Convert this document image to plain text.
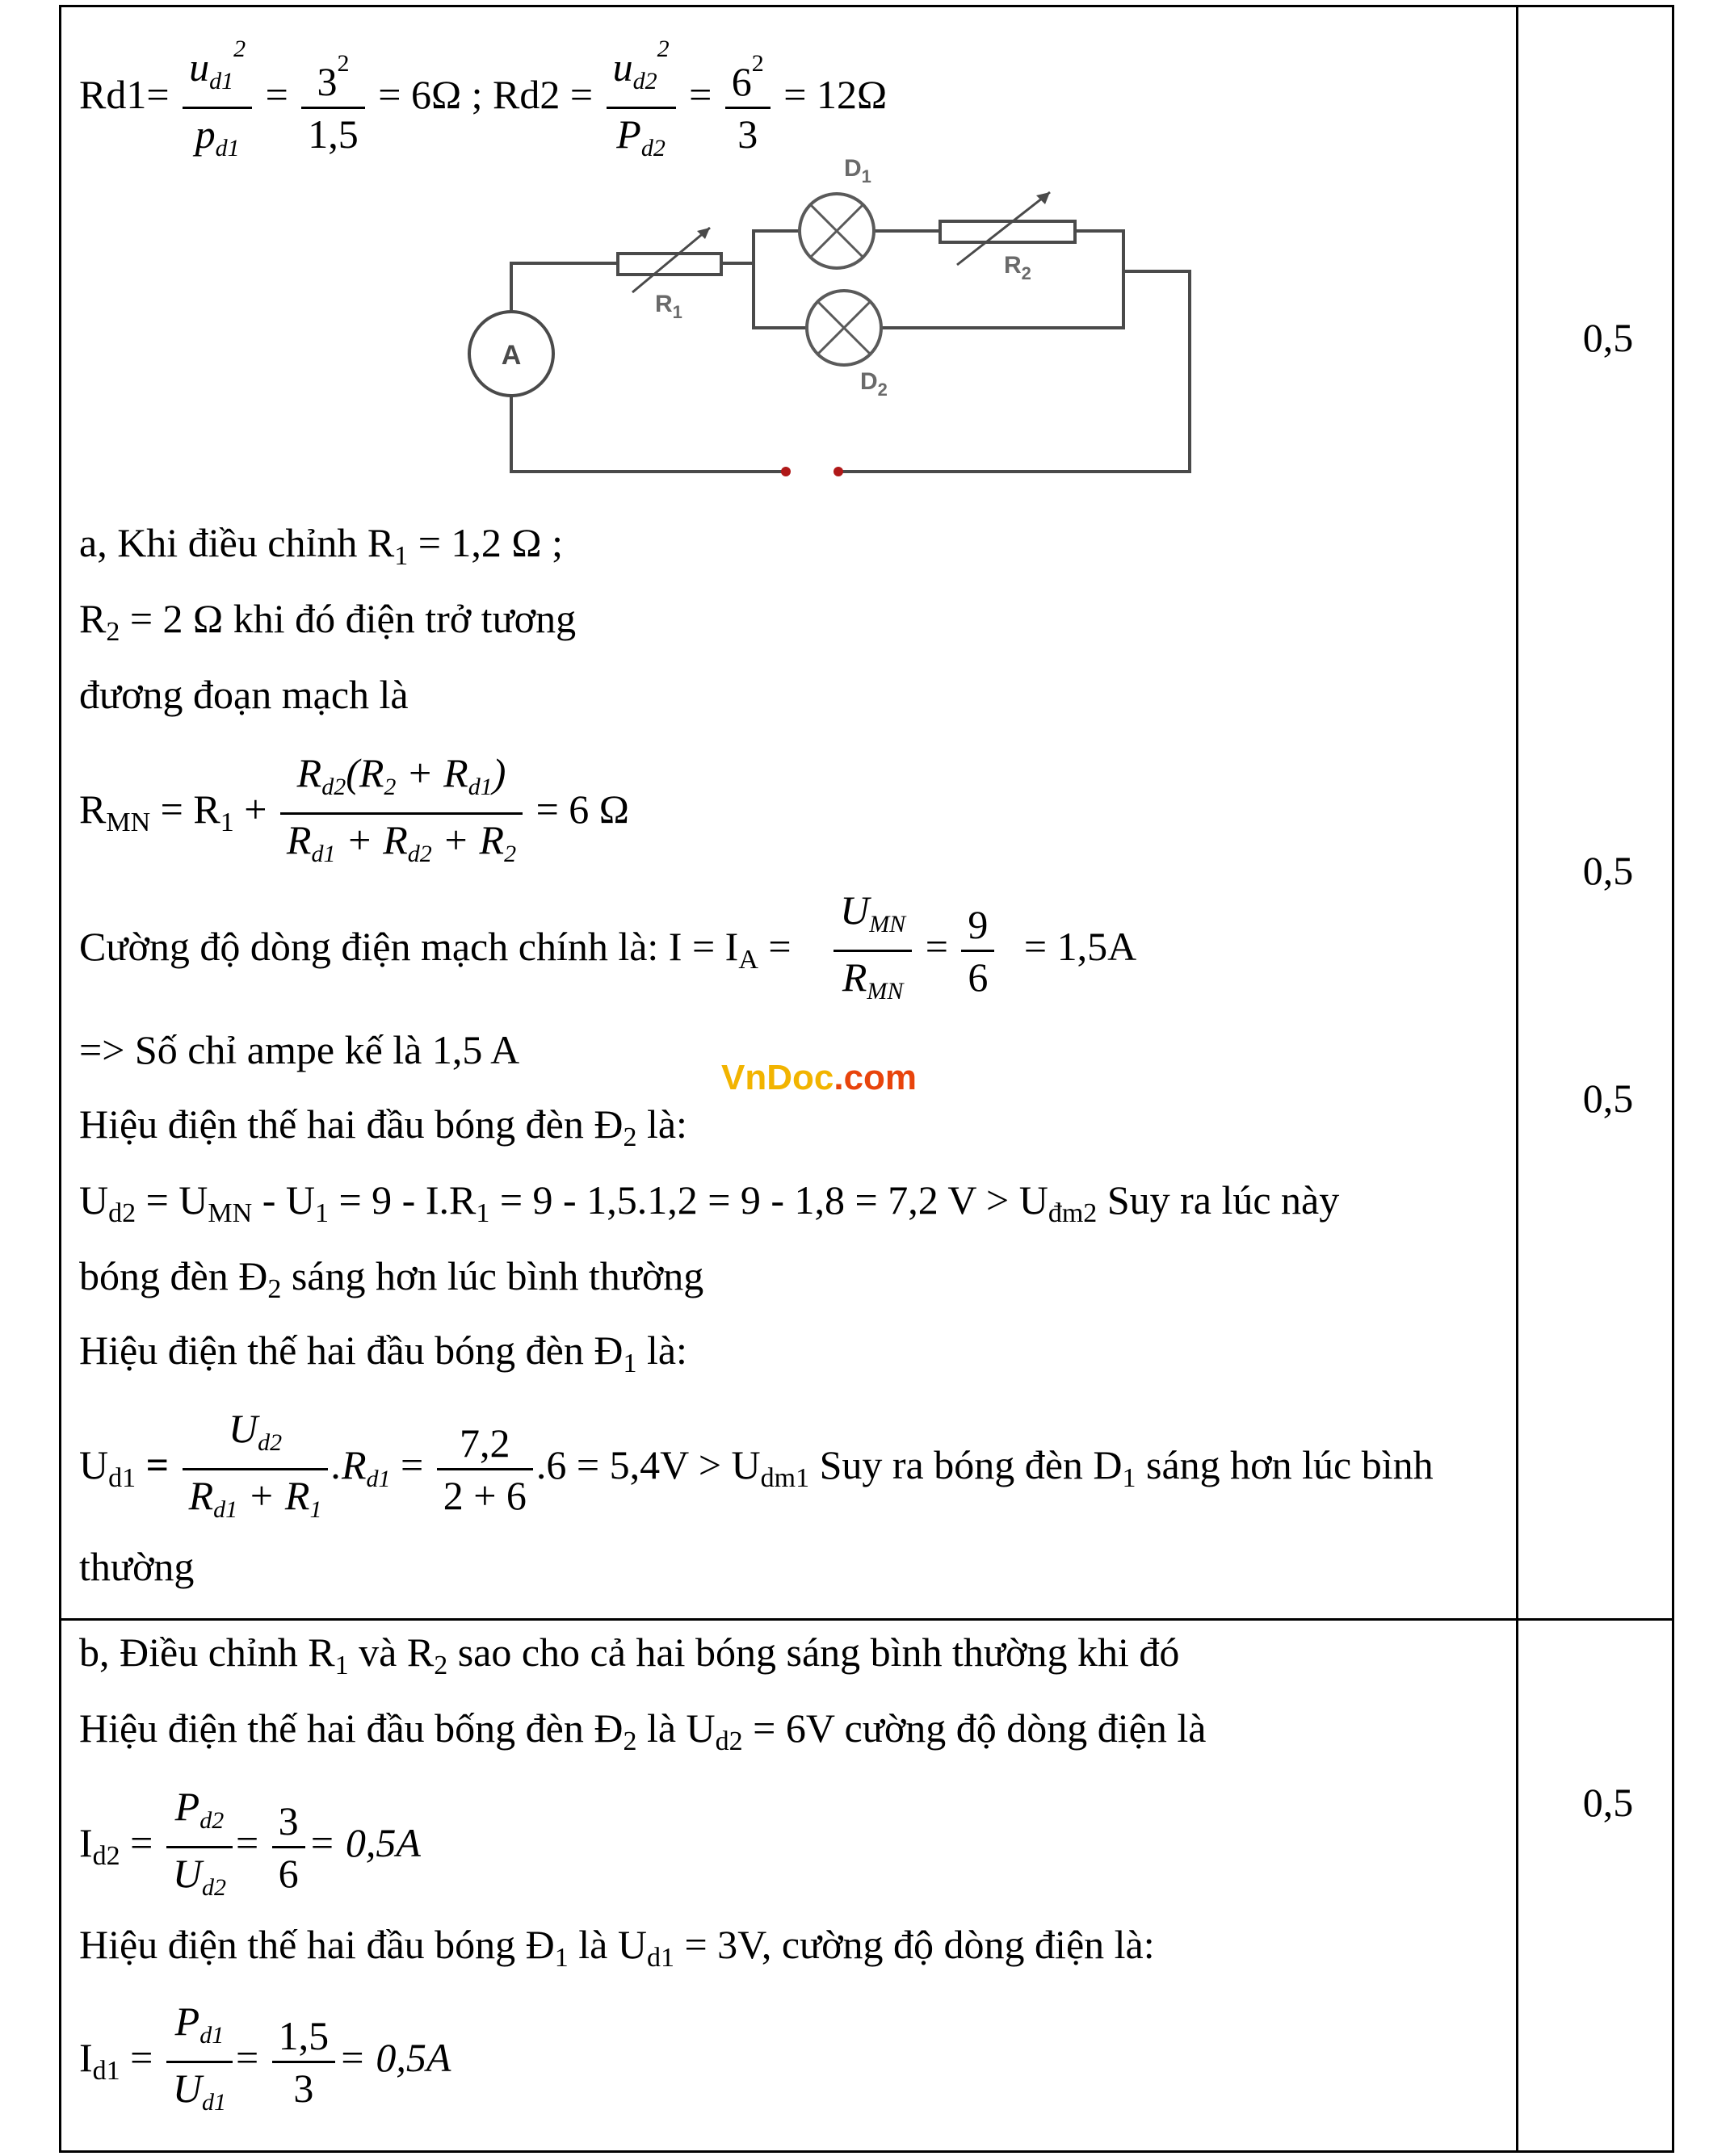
$Rd1= \frac{u_{d1}^2}{p_{d1}} = \frac{3^2}{1,5} = 6\Omega$ ; $Rd2 = \frac{u_{d2}^2}{P_{d2}} = \frac{6^2}{3} = 12\Omega$
A
$D_1$
$D_2$
$R_1$
$R_2$
a, Khi điều chỉnh $R_1 = 1,2$ Ω ;
$R_2 = 2$ Ω khi đó điện trở tương
đương đoạn mạch là
$R_{MN} = R_1 + \frac{R_{d2}(R_2 + R_{d1})}{R_{d1} + R_{d2} + R_2} = 6$ Ω
Cường độ dòng điện mạch chính là: $I = I_A = \frac{U_{MN}}{R_{MN}} = \frac{9}{6} = 1,5A$
=> Số chỉ ampe kế là 1,5 A
Hiệu điện thế hai đầu bóng đèn $Đ_2$ là:
$U_{d2} = U_{MN} - U_1 = 9 - I.R_1 = 9 - 1,5.1,2 = 9 - 1,8 = 7,2$ $V > U_{đm2}$ Suy ra lúc này
bóng đèn $Đ_2$ sáng hơn lúc bình thường
Hiệu điện thế hai đầu bóng đèn $Đ_1$ là:
$U_{d1} = \frac{U_{d2}}{R_{d1} + R_1} .R_{d1} = \frac{7,2}{2 + 6} .6 = 5,4V > U_{dm1}$ Suy ra bóng đèn $D_1$ sáng hơn lúc bình
thường
0,5
0,5
0,5
b, Điều chỉnh $R_1$ và $R_2$ sao cho cả hai bóng sáng bình thường khi đó
Hiệu điện thế hai đầu bống đèn $Đ_2$ là $U_{d2} = 6V$ cường độ dòng điện là
$I_{d2} = \frac{P_{d2}}{U_{d2}} = \frac{3}{6} = 0,5A$
Hiệu điện thế hai đầu bóng $Đ_1$ là $U_{d1} = 3V$, cường độ dòng điện là:
$I_{d1} = \frac{P_{d1}}{U_{d1}} = \frac{1,5}{3} = 0,5A$
0,5
VnDoc.com
